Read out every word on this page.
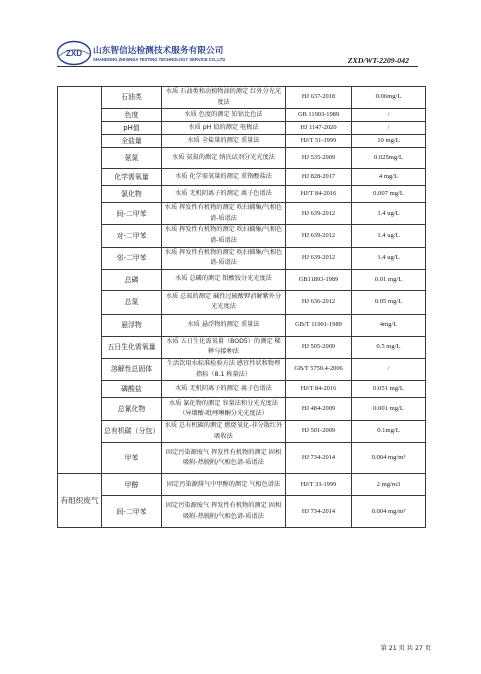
ZXD 山东智信达检测技术服务有限公司
SHANDONG ZHIXINDA TESTING TECHNOLOGY SERVICE CO.,LTD	ZXD/WT-2209-042
	石油类	水质 石油类和动植物油的测定 红外分光光度法	HJ 637-2018	0.06mg/L
	色度	水质 色度的测定 铂钴比色法	GB 11903-1989	/
	pH值	水质 pH 值的测定 电极法	HJ 1147-2020	/
	全盐量	水质 全盐量的测定 重量法	HJ/T 51-1999	10 mg/L
	氨氮	水质 氨氮的测定 纳氏试剂分光光度法	HJ 535-2009	0.025mg/L
	化学需氧量	水质 化学需氧量的测定 重铬酸盐法	HJ 828-2017	4 mg/L
	氯化物	水质 无机阴离子的测定 离子色谱法	HJ/T 84-2016	0.007 mg/L
	间-二甲苯	水质 挥发性有机物的测定 吹扫捕集/气相色谱-质谱法	HJ 639-2012	1.4 ug/L
	对-二甲苯	水质 挥发性有机物的测定 吹扫捕集/气相色谱-质谱法	HJ 639-2012	1.4 ug/L
	邻-二甲苯	水质 挥发性有机物的测定 吹扫捕集/气相色谱-质谱法	HJ 639-2012	1.4 ug/L
	总磷	水质 总磷的测定 钼酸铵分光光度法	GB11893-1989	0.01 mg/L
	总氮	水质 总氮的测定 碱性过硫酸钾消解紫外分光光度法	HJ 636-2012	0.05 mg/L
	悬浮物	水质 悬浮物的测定 重量法	GB/T 11901-1989	4mg/L
	五日生化需氧量	水质 五日生化需氧量（BOD5）的测定 稀释与接种法	HJ 505-2009	0.5 mg/L
	溶解性总固体	生活饮用水标准检验方法 感官性状和物理指标（8.1 称量法）	GB/T 5750.4-2006	/
	磷酸盐	水质 无机阴离子的测定 离子色谱法	HJ/T 84-2016	0.051 mg/L
	总氰化物	水质 氰化物的测定 容量法和分光光度法 （异烟酸-吡唑啉酮分光光度法）	HJ 484-2009	0.001 mg/L
	总有机碳（分包）	水质 总有机碳的测定 燃烧氧化-非分散红外吸收法	HJ 501-2009	0.1mg/L
	甲苯	固定污染源废气 挥发性有机物的测定 固相吸附-热脱附/气相色谱-质谱法	HJ 734-2014	0.004 mg/m³
有组织废气	甲醇	固定污染源排气中甲醇的测定 气相色谱法	HJ/T 33-1999	2 mg/m3
	间-二甲苯	固定污染源废气 挥发性有机物的测定 固相吸附-热脱附/气相色谱-质谱法	HJ 734-2014	0.004 mg/m³
第 21 页 共 27 页
